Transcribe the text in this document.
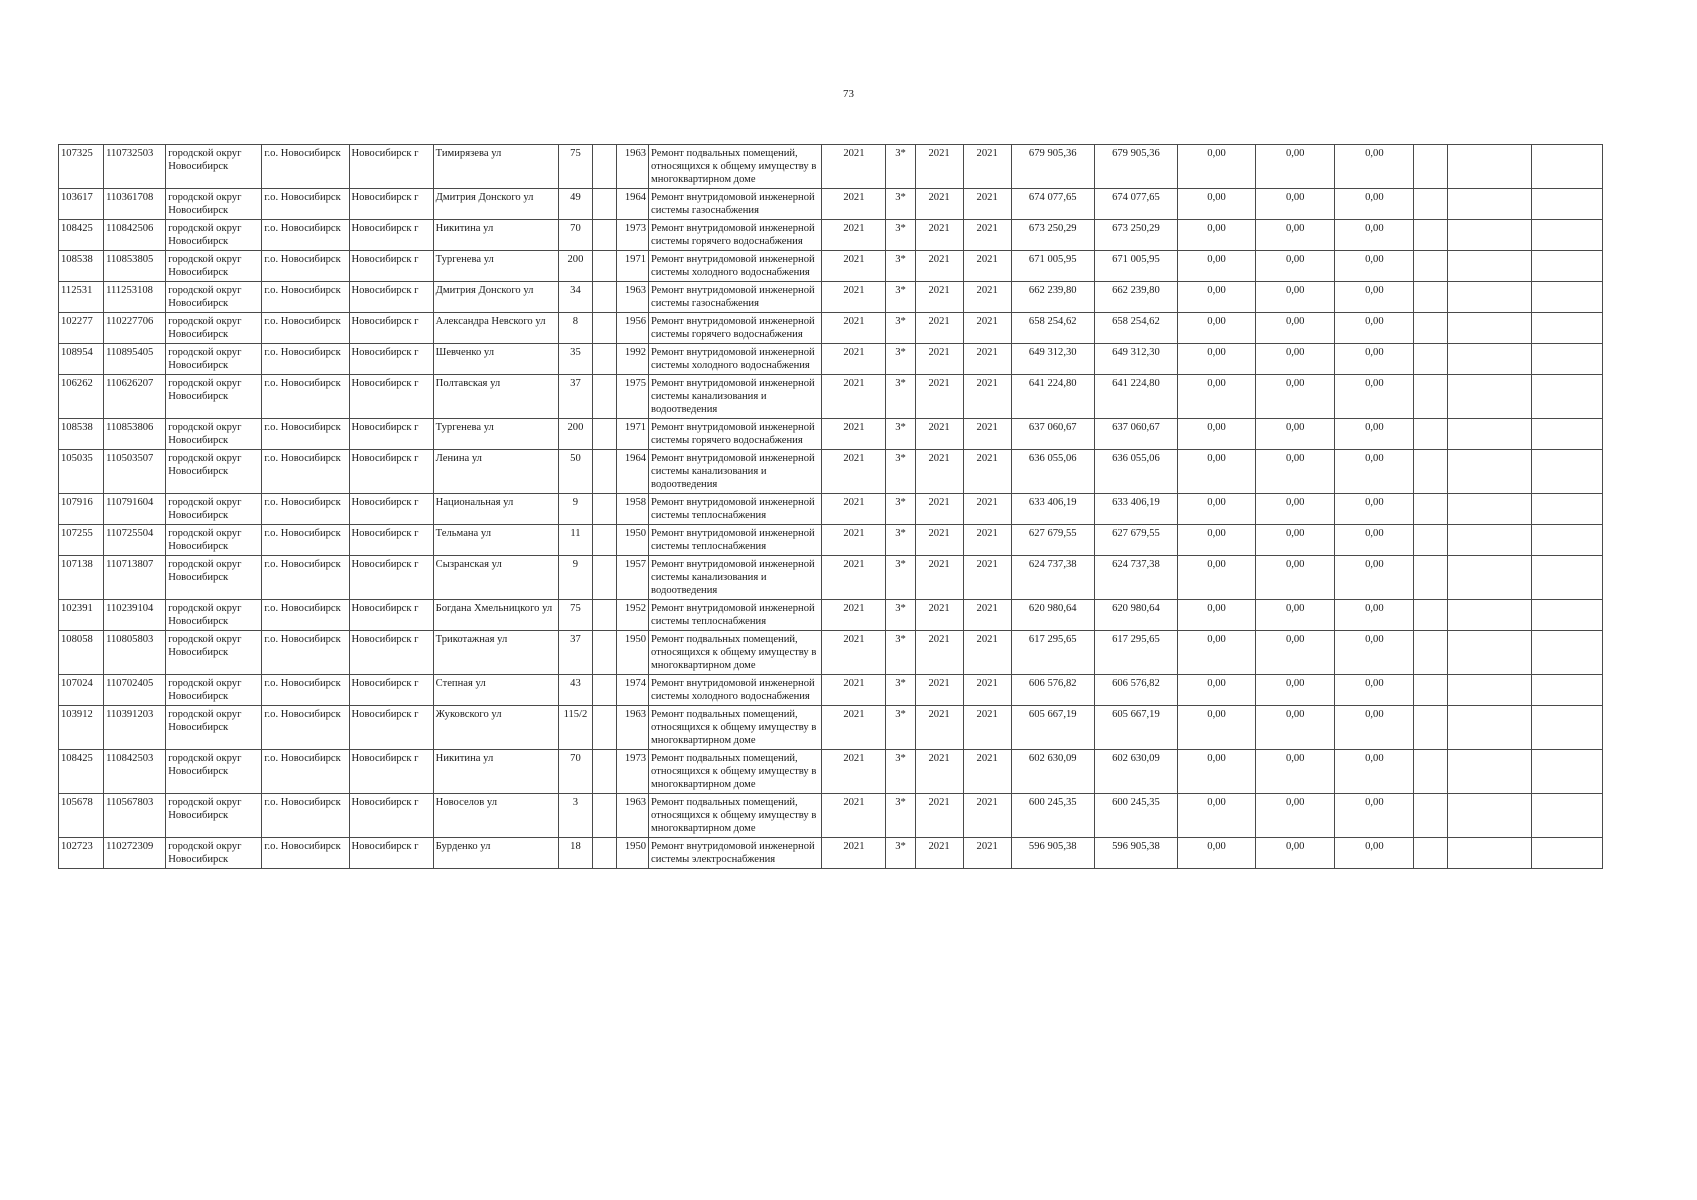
73
107325	110732503	городской округ Новосибирск	г.о. Новосибирск	Новосибирск г	Тимирязева ул	75		1963	Ремонт подвальных помещений, относящихся к общему имуществу в многоквартирном доме	2021	3*	2021	2021	679 905,36	679 905,36	0,00	0,00	0,00			
103617	110361708	городской округ Новосибирск	г.о. Новосибирск	Новосибирск г	Дмитрия Донского ул	49		1964	Ремонт внутридомовой инженерной системы газоснабжения	2021	3*	2021	2021	674 077,65	674 077,65	0,00	0,00	0,00			
108425	110842506	городской округ Новосибирск	г.о. Новосибирск	Новосибирск г	Никитина ул	70		1973	Ремонт внутридомовой инженерной системы горячего водоснабжения	2021	3*	2021	2021	673 250,29	673 250,29	0,00	0,00	0,00			
108538	110853805	городской округ Новосибирск	г.о. Новосибирск	Новосибирск г	Тургенева ул	200		1971	Ремонт внутридомовой инженерной системы холодного водоснабжения	2021	3*	2021	2021	671 005,95	671 005,95	0,00	0,00	0,00			
112531	111253108	городской округ Новосибирск	г.о. Новосибирск	Новосибирск г	Дмитрия Донского ул	34		1963	Ремонт внутридомовой инженерной системы газоснабжения	2021	3*	2021	2021	662 239,80	662 239,80	0,00	0,00	0,00			
102277	110227706	городской округ Новосибирск	г.о. Новосибирск	Новосибирск г	Александра Невского ул	8		1956	Ремонт внутридомовой инженерной системы горячего водоснабжения	2021	3*	2021	2021	658 254,62	658 254,62	0,00	0,00	0,00			
108954	110895405	городской округ Новосибирск	г.о. Новосибирск	Новосибирск г	Шевченко ул	35		1992	Ремонт внутридомовой инженерной системы холодного водоснабжения	2021	3*	2021	2021	649 312,30	649 312,30	0,00	0,00	0,00			
106262	110626207	городской округ Новосибирск	г.о. Новосибирск	Новосибирск г	Полтавская ул	37		1975	Ремонт внутридомовой инженерной системы канализования и водоотведения	2021	3*	2021	2021	641 224,80	641 224,80	0,00	0,00	0,00			
108538	110853806	городской округ Новосибирск	г.о. Новосибирск	Новосибирск г	Тургенева ул	200		1971	Ремонт внутридомовой инженерной системы горячего водоснабжения	2021	3*	2021	2021	637 060,67	637 060,67	0,00	0,00	0,00			
105035	110503507	городской округ Новосибирск	г.о. Новосибирск	Новосибирск г	Ленина ул	50		1964	Ремонт внутридомовой инженерной системы канализования и водоотведения	2021	3*	2021	2021	636 055,06	636 055,06	0,00	0,00	0,00			
107916	110791604	городской округ Новосибирск	г.о. Новосибирск	Новосибирск г	Национальная ул	9		1958	Ремонт внутридомовой инженерной системы теплоснабжения	2021	3*	2021	2021	633 406,19	633 406,19	0,00	0,00	0,00			
107255	110725504	городской округ Новосибирск	г.о. Новосибирск	Новосибирск г	Тельмана ул	11		1950	Ремонт внутридомовой инженерной системы теплоснабжения	2021	3*	2021	2021	627 679,55	627 679,55	0,00	0,00	0,00			
107138	110713807	городской округ Новосибирск	г.о. Новосибирск	Новосибирск г	Сызранская ул	9		1957	Ремонт внутридомовой инженерной системы канализования и водоотведения	2021	3*	2021	2021	624 737,38	624 737,38	0,00	0,00	0,00			
102391	110239104	городской округ Новосибирск	г.о. Новосибирск	Новосибирск г	Богдана Хмельницкого ул	75		1952	Ремонт внутридомовой инженерной системы теплоснабжения	2021	3*	2021	2021	620 980,64	620 980,64	0,00	0,00	0,00			
108058	110805803	городской округ Новосибирск	г.о. Новосибирск	Новосибирск г	Трикотажная ул	37		1950	Ремонт подвальных помещений, относящихся к общему имуществу в многоквартирном доме	2021	3*	2021	2021	617 295,65	617 295,65	0,00	0,00	0,00			
107024	110702405	городской округ Новосибирск	г.о. Новосибирск	Новосибирск г	Степная ул	43		1974	Ремонт внутридомовой инженерной системы холодного водоснабжения	2021	3*	2021	2021	606 576,82	606 576,82	0,00	0,00	0,00			
103912	110391203	городской округ Новосибирск	г.о. Новосибирск	Новосибирск г	Жуковского ул	115/2		1963	Ремонт подвальных помещений, относящихся к общему имуществу в многоквартирном доме	2021	3*	2021	2021	605 667,19	605 667,19	0,00	0,00	0,00			
108425	110842503	городской округ Новосибирск	г.о. Новосибирск	Новосибирск г	Никитина ул	70		1973	Ремонт подвальных помещений, относящихся к общему имуществу в многоквартирном доме	2021	3*	2021	2021	602 630,09	602 630,09	0,00	0,00	0,00			
105678	110567803	городской округ Новосибирск	г.о. Новосибирск	Новосибирск г	Новоселов ул	3		1963	Ремонт подвальных помещений, относящихся к общему имуществу в многоквартирном доме	2021	3*	2021	2021	600 245,35	600 245,35	0,00	0,00	0,00			
102723	110272309	городской округ Новосибирск	г.о. Новосибирск	Новосибирск г	Бурденко ул	18		1950	Ремонт внутридомовой инженерной системы электроснабжения	2021	3*	2021	2021	596 905,38	596 905,38	0,00	0,00	0,00			
